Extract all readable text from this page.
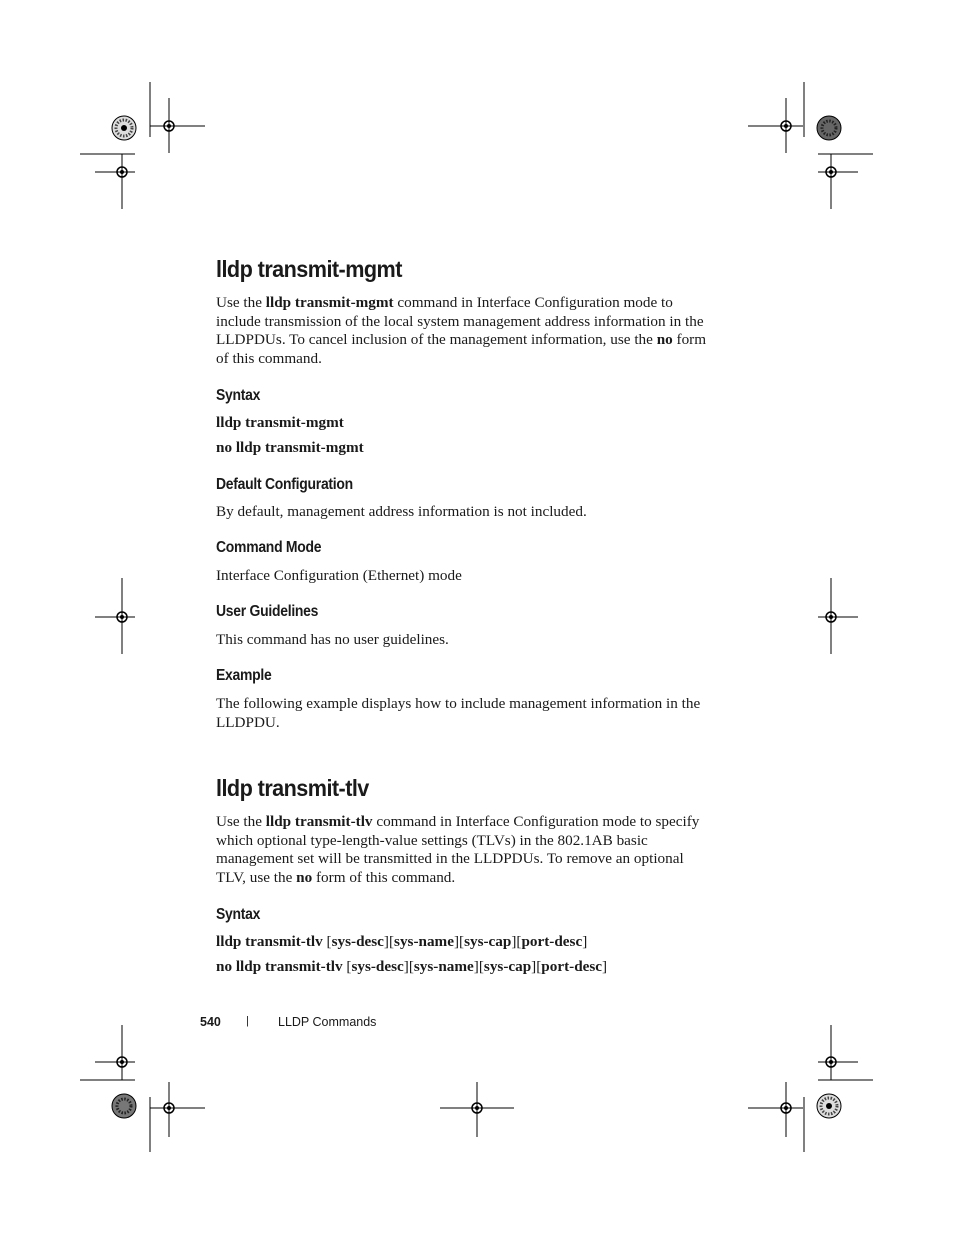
lldp transmit-mgmt

Use the lldp transmit-mgmt command in Interface Configuration mode to include transmission of the local system management address information in the LLDPDUs. To cancel inclusion of the management information, use the no form of this command.

Syntax

lldp transmit-mgmt

no lldp transmit-mgmt

Default Configuration

By default, management address information is not included.

Command Mode

Interface Configuration (Ethernet) mode

User Guidelines

This command has no user guidelines.

Example

The following example displays how to include management information in the LLDPDU.

lldp transmit-tlv

Use the lldp transmit-tlv command in Interface Configuration mode to specify which optional type-length-value settings (TLVs) in the 802.1AB basic management set will be transmitted in the LLDPDUs. To remove an optional TLV, use the no form of this command.

Syntax

lldp transmit-tlv [sys-desc][sys-name][sys-cap][port-desc]

no lldp transmit-tlv [sys-desc][sys-name][sys-cap][port-desc]

540 | LLDP Commands
